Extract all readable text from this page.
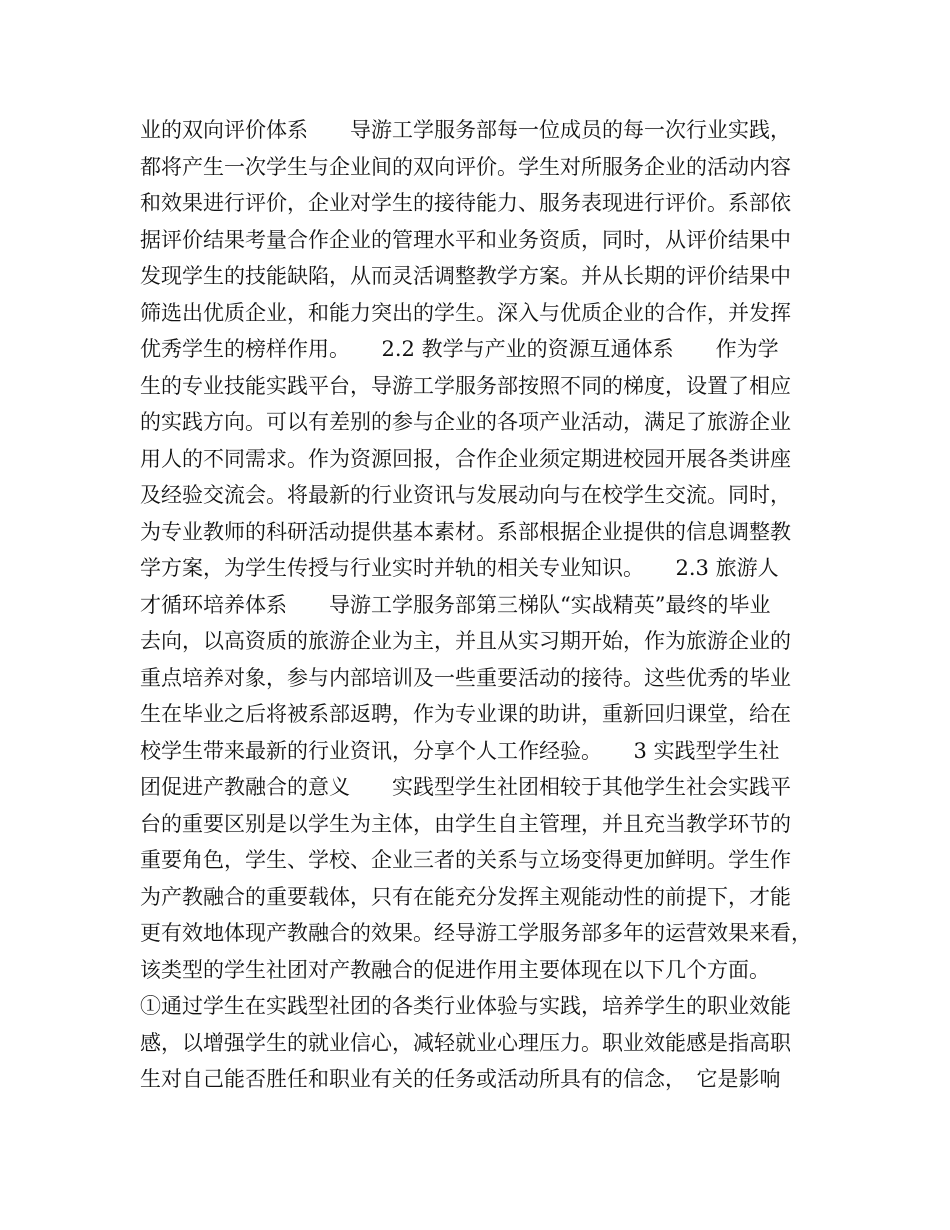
业的双向评价体系　　导游工学服务部每一位成员的每一次行业实践，
都将产生一次学生与企业间的双向评价。学生对所服务企业的活动内容
和效果进行评价，企业对学生的接待能力、服务表现进行评价。系部依
据评价结果考量合作企业的管理水平和业务资质，同时，从评价结果中
发现学生的技能缺陷，从而灵活调整教学方案。并从长期的评价结果中
筛选出优质企业，和能力突出的学生。深入与优质企业的合作，并发挥
优秀学生的榜样作用。　　2.2 教学与产业的资源互通体系　　作为学
生的专业技能实践平台，导游工学服务部按照不同的梯度，设置了相应
的实践方向。可以有差别的参与企业的各项产业活动，满足了旅游企业
用人的不同需求。作为资源回报，合作企业须定期进校园开展各类讲座
及经验交流会。将最新的行业资讯与发展动向与在校学生交流。同时，
为专业教师的科研活动提供基本素材。系部根据企业提供的信息调整教
学方案，为学生传授与行业实时并轨的相关专业知识。　　2.3 旅游人
才循环培养体系　　导游工学服务部第三梯队“实战精英”最终的毕业
去向，以高资质的旅游企业为主，并且从实习期开始，作为旅游企业的
重点培养对象，参与内部培训及一些重要活动的接待。这些优秀的毕业
生在毕业之后将被系部返聘，作为专业课的助讲，重新回归课堂，给在
校学生带来最新的行业资讯，分享个人工作经验。　　3 实践型学生社
团促进产教融合的意义　　实践型学生社团相较于其他学生社会实践平
台的重要区别是以学生为主体，由学生自主管理，并且充当教学环节的
重要角色，学生、学校、企业三者的关系与立场变得更加鲜明。学生作
为产教融合的重要载体，只有在能充分发挥主观能动性的前提下，才能
更有效地体现产教融合的效果。经导游工学服务部多年的运营效果来看，
该类型的学生社团对产教融合的促进作用主要体现在以下几个方面。
①通过学生在实践型社团的各类行业体验与实践，培养学生的职业效能
感，以增强学生的就业信心，减轻就业心理压力。职业效能感是指高职
生对自己能否胜任和职业有关的任务或活动所具有的信念，　它是影响
